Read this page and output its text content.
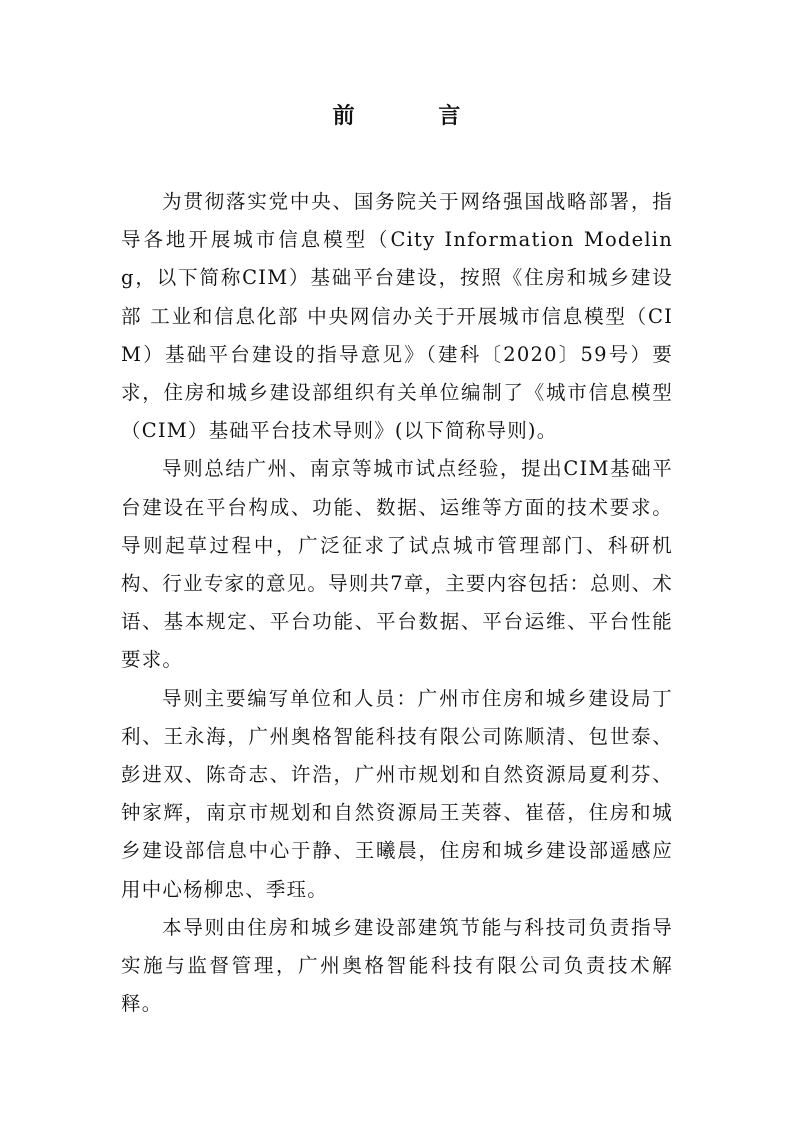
前 言

为贯彻落实党中央、国务院关于网络强国战略部署，指导各地开展城市信息模型（City Information Modeling，以下简称CIM）基础平台建设，按照《住房和城乡建设部 工业和信息化部 中央网信办关于开展城市信息模型（CIM）基础平台建设的指导意见》（建科〔2020〕59号）要求，住房和城乡建设部组织有关单位编制了《城市信息模型（CIM）基础平台技术导则》(以下简称导则)。

导则总结广州、南京等城市试点经验，提出CIM基础平台建设在平台构成、功能、数据、运维等方面的技术要求。导则起草过程中，广泛征求了试点城市管理部门、科研机构、行业专家的意见。导则共7章，主要内容包括：总则、术语、基本规定、平台功能、平台数据、平台运维、平台性能要求。

导则主要编写单位和人员：广州市住房和城乡建设局丁利、王永海，广州奥格智能科技有限公司陈顺清、包世泰、彭进双、陈奇志、许浩，广州市规划和自然资源局夏利芬、钟家辉，南京市规划和自然资源局王芙蓉、崔蓓，住房和城乡建设部信息中心于静、王曦晨，住房和城乡建设部遥感应用中心杨柳忠、季珏。

本导则由住房和城乡建设部建筑节能与科技司负责指导实施与监督管理，广州奥格智能科技有限公司负责技术解释。
